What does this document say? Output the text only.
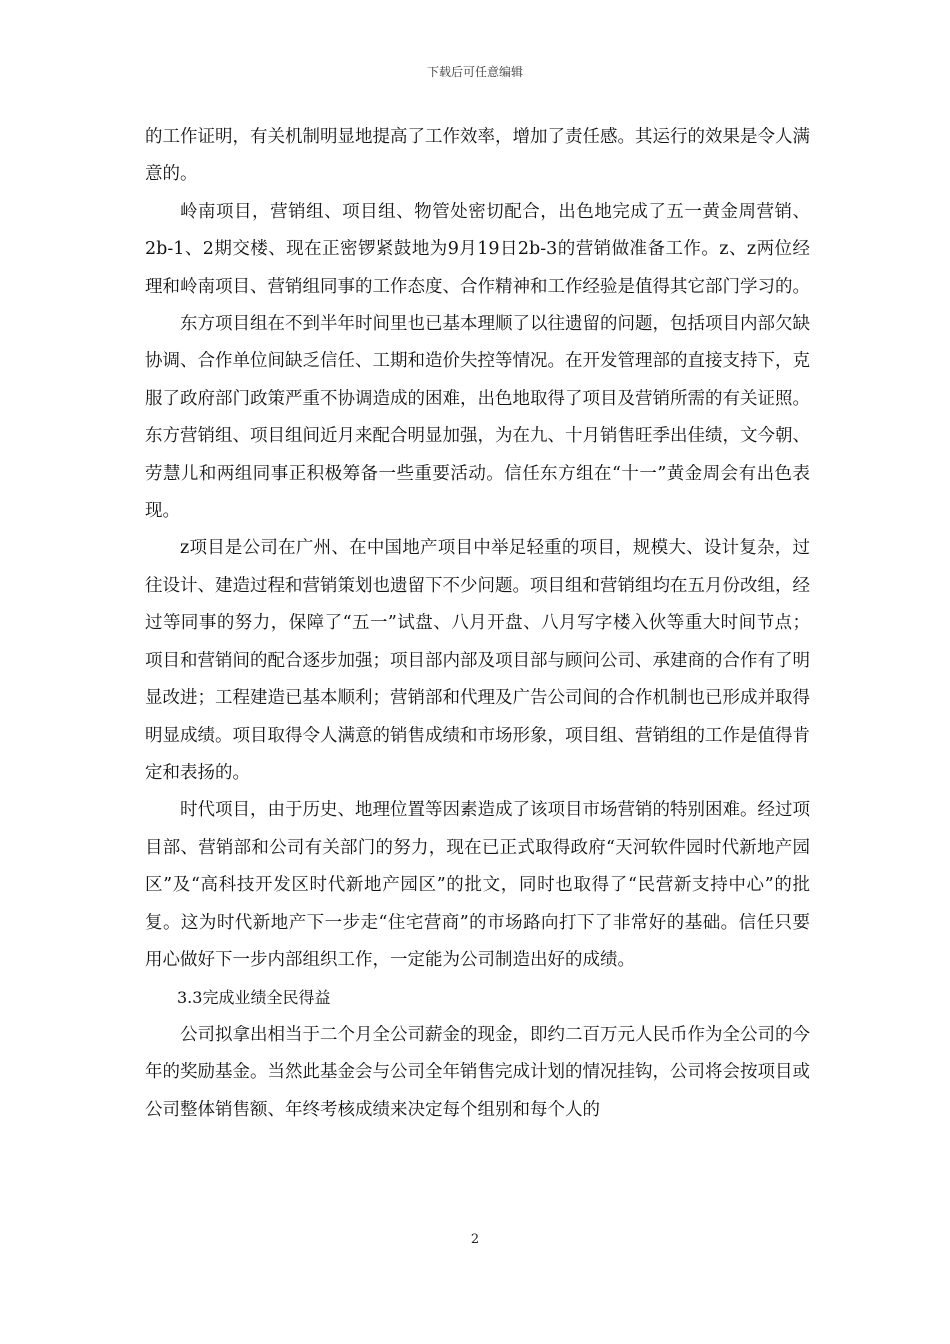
下载后可任意编辑

的工作证明，有关机制明显地提高了工作效率，增加了责任感。其运行的效果是令人满意的。

岭南项目，营销组、项目组、物管处密切配合，出色地完成了五一黄金周营销、2b-1、2期交楼、现在正密锣紧鼓地为9月19日2b-3的营销做准备工作。z、z两位经理和岭南项目、营销组同事的工作态度、合作精神和工作经验是值得其它部门学习的。

东方项目组在不到半年时间里也已基本理顺了以往遗留的问题，包括项目内部欠缺协调、合作单位间缺乏信任、工期和造价失控等情况。在开发管理部的直接支持下，克服了政府部门政策严重不协调造成的困难，出色地取得了项目及营销所需的有关证照。东方营销组、项目组间近月来配合明显加强，为在九、十月销售旺季出佳绩，文今朝、劳慧儿和两组同事正积极筹备一些重要活动。信任东方组在“十一”黄金周会有出色表现。

z项目是公司在广州、在中国地产项目中举足轻重的项目，规模大、设计复杂，过往设计、建造过程和营销策划也遗留下不少问题。项目组和营销组均在五月份改组，经过等同事的努力，保障了“五一”试盘、八月开盘、八月写字楼入伙等重大时间节点；项目和营销间的配合逐步加强；项目部内部及项目部与顾问公司、承建商的合作有了明显改进；工程建造已基本顺利；营销部和代理及广告公司间的合作机制也已形成并取得明显成绩。项目取得令人满意的销售成绩和市场形象，项目组、营销组的工作是值得肯定和表扬的。

时代项目，由于历史、地理位置等因素造成了该项目市场营销的特别困难。经过项目部、营销部和公司有关部门的努力，现在已正式取得政府“天河软件园时代新地产园区”及“高科技开发区时代新地产园区”的批文，同时也取得了“民营新支持中心”的批复。这为时代新地产下一步走“住宅营商”的市场路向打下了非常好的基础。信任只要用心做好下一步内部组织工作，一定能为公司制造出好的成绩。

3.3完成业绩全民得益

公司拟拿出相当于二个月全公司薪金的现金，即约二百万元人民币作为全公司的今年的奖励基金。当然此基金会与公司全年销售完成计划的情况挂钩，公司将会按项目或公司整体销售额、年终考核成绩来决定每个组别和每个人的

2
